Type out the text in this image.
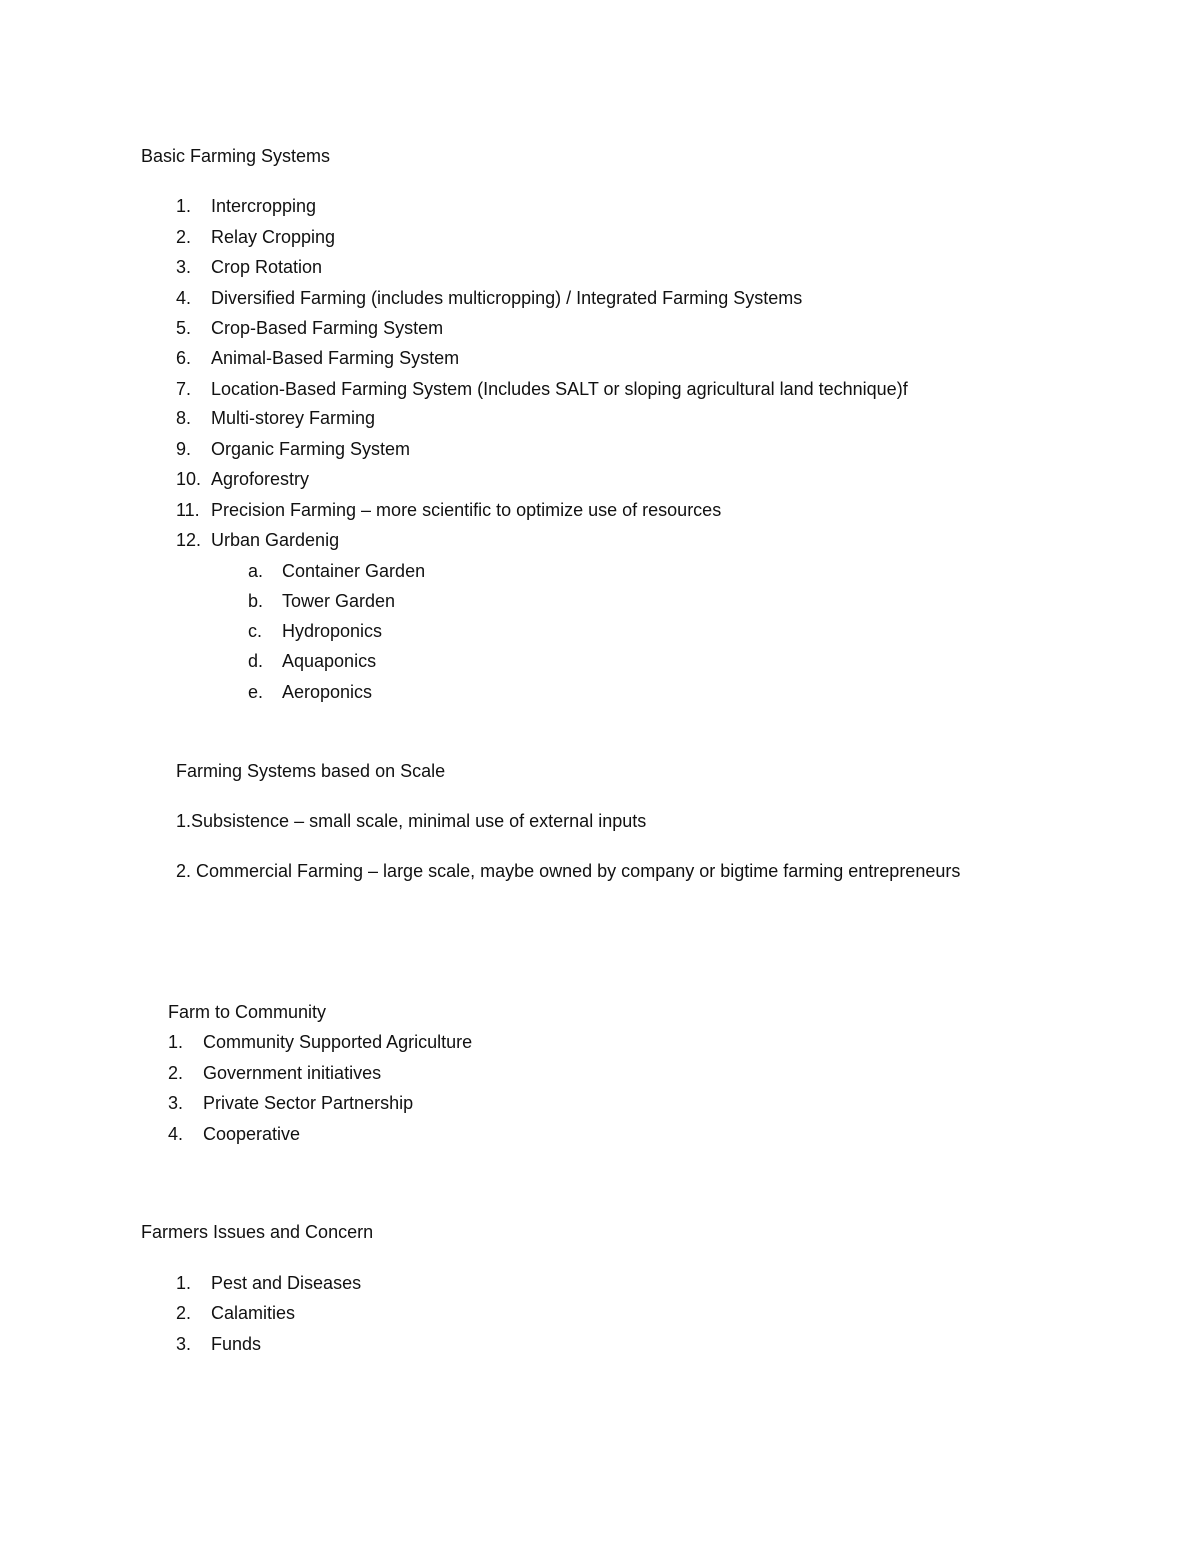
Basic Farming Systems
1. Intercropping
2. Relay Cropping
3. Crop Rotation
4. Diversified Farming (includes multicropping) / Integrated Farming Systems
5. Crop-Based Farming System
6. Animal-Based Farming System
7. Location-Based Farming System (Includes SALT or sloping agricultural land technique)f
8. Multi-storey Farming
9. Organic Farming System
10. Agroforestry
11. Precision Farming – more scientific to optimize use of resources
12. Urban Gardenig
a. Container Garden
b. Tower Garden
c. Hydroponics
d. Aquaponics
e. Aeroponics
Farming Systems based on Scale
1.Subsistence – small scale, minimal use of external inputs
2. Commercial Farming – large scale, maybe owned by company or bigtime farming entrepreneurs
Farm to Community
1. Community Supported Agriculture
2. Government initiatives
3. Private Sector Partnership
4. Cooperative
Farmers Issues and Concern
1. Pest and Diseases
2. Calamities
3. Funds
